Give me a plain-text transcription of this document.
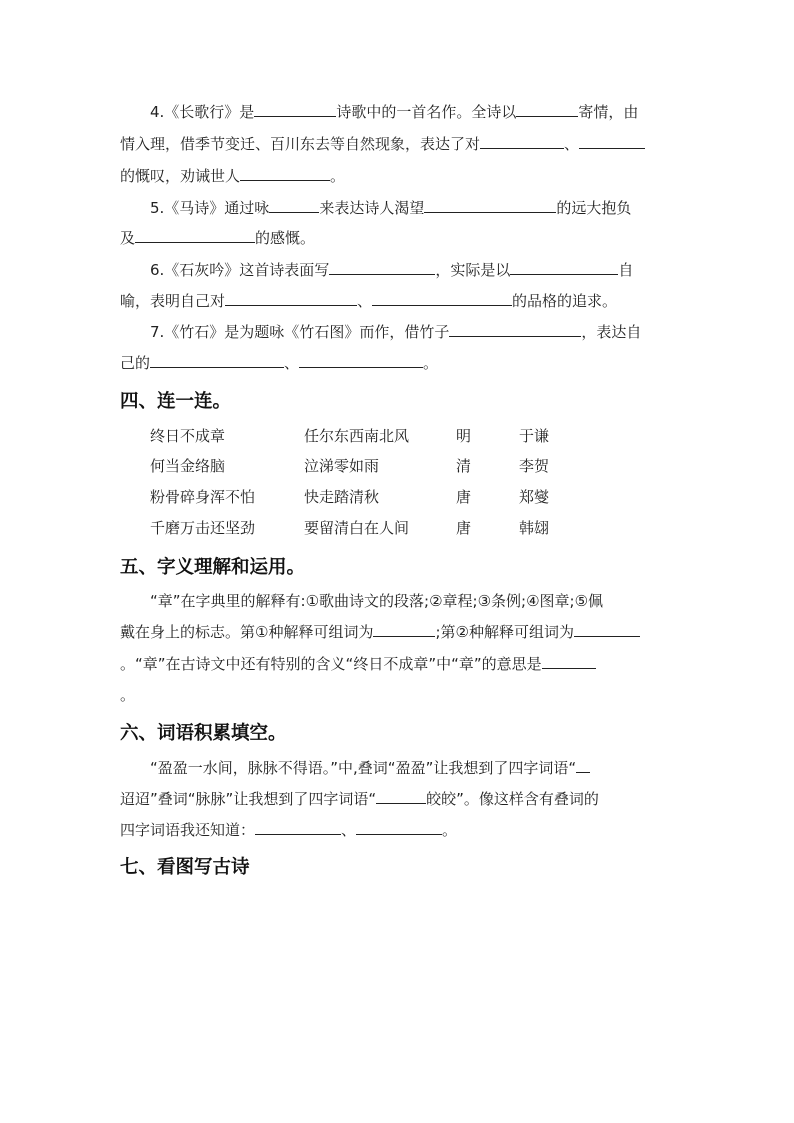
4.《长歌行》是	诗歌中的一首名作。全诗以	寄情，由
情入理，借季节变迁、百川东去等自然现象，表达了对	、
的慨叹，劝诫世人	。
5.《马诗》通过咏	来表达诗人渴望	的远大抱负
及	的感慨。
6.《石灰吟》这首诗表面写	，实际是以	自
喻，表明自己对	、	的品格的追求。
7.《竹石》是为题咏《竹石图》而作，借竹子	，表达自
己的	、	。
四、连一连。
终日不成章	任尔东西南北风	明	于谦
何当金络脑	泣涕零如雨	清	李贺
粉骨碎身浑不怕	快走踏清秋	唐	郑燮
千磨万击还坚劲	要留清白在人间	唐	韩翃
五、字义理解和运用。
“章”在字典里的解释有:①歌曲诗文的段落;②章程;③条例;④图章;⑤佩
戴在身上的标志。第①种解释可组词为	;第②种解释可组词为
。“章”在古诗文中还有特别的含义“终日不成章”中“章”的意思是
。
六、词语积累填空。
“盈盈一水间，脉脉不得语。”中,叠词“盈盈”让我想到了四字词语“
迢迢”叠词“脉脉”让我想到了四字词语“	皎皎”。像这样含有叠词的
四字词语我还知道：	、	。
七、看图写古诗
